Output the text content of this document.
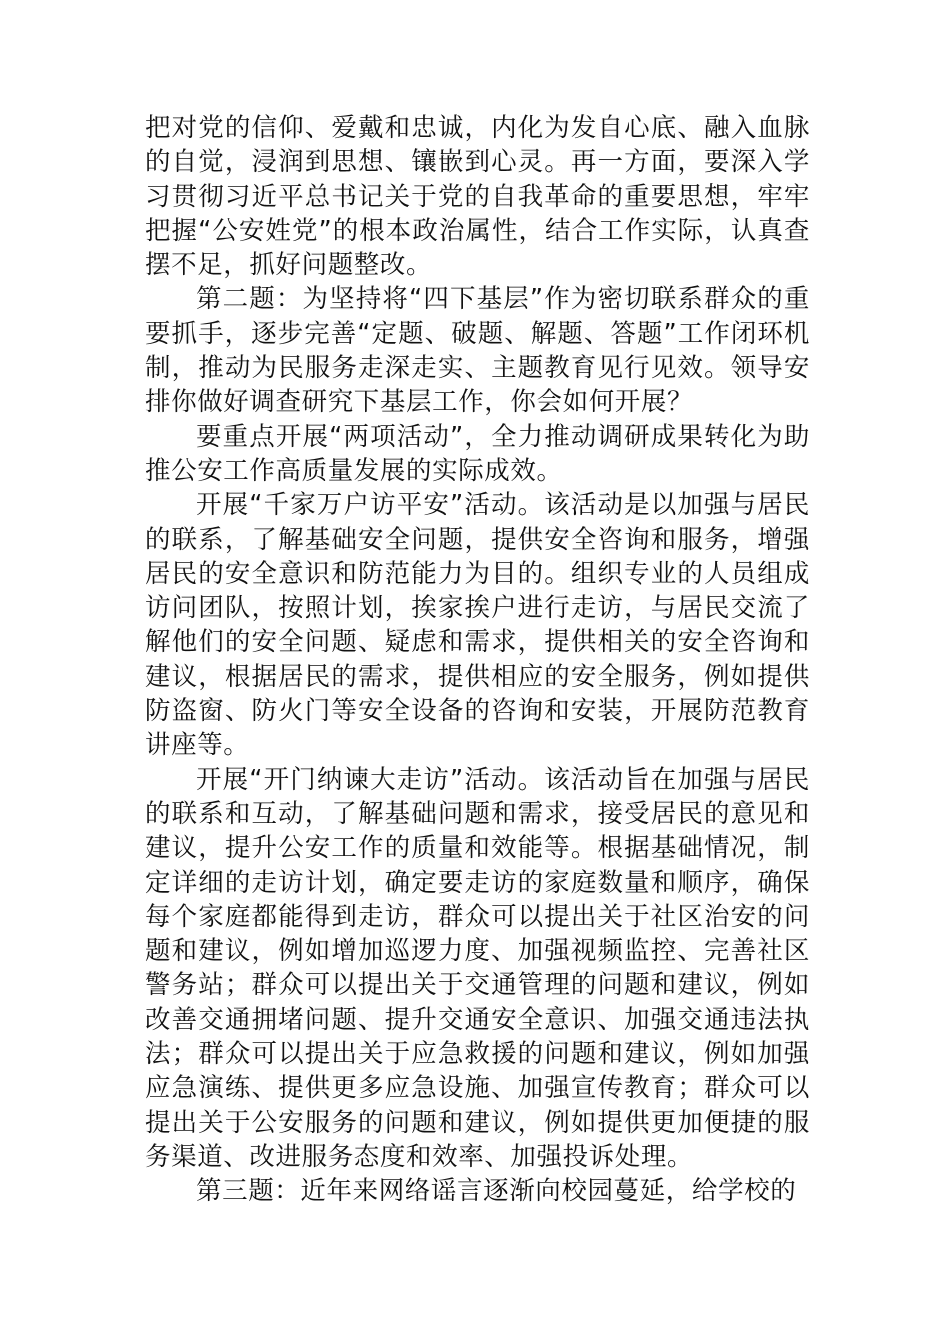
把对党的信仰、爱戴和忠诚，内化为发自心底、融入血脉的自觉，浸润到思想、镶嵌到心灵。再一方面，要深入学习贯彻习近平总书记关于党的自我革命的重要思想，牢牢把握“公安姓党”的根本政治属性，结合工作实际，认真查摆不足，抓好问题整改。

第二题：为坚持将“四下基层”作为密切联系群众的重要抓手，逐步完善“定题、破题、解题、答题”工作闭环机制，推动为民服务走深走实、主题教育见行见效。领导安排你做好调查研究下基层工作，你会如何开展？

要重点开展“两项活动”，全力推动调研成果转化为助推公安工作高质量发展的实际成效。

开展“千家万户访平安”活动。该活动是以加强与居民的联系，了解基础安全问题，提供安全咨询和服务，增强居民的安全意识和防范能力为目的。组织专业的人员组成访问团队，按照计划，挨家挨户进行走访，与居民交流了解他们的安全问题、疑虑和需求，提供相关的安全咨询和建议，根据居民的需求，提供相应的安全服务，例如提供防盗窗、防火门等安全设备的咨询和安装，开展防范教育讲座等。

开展“开门纳谏大走访”活动。该活动旨在加强与居民的联系和互动，了解基础问题和需求，接受居民的意见和建议，提升公安工作的质量和效能等。根据基础情况，制定详细的走访计划，确定要走访的家庭数量和顺序，确保每个家庭都能得到走访，群众可以提出关于社区治安的问题和建议，例如增加巡逻力度、加强视频监控、完善社区警务站；群众可以提出关于交通管理的问题和建议，例如改善交通拥堵问题、提升交通安全意识、加强交通违法执法；群众可以提出关于应急救援的问题和建议，例如加强应急演练、提供更多应急设施、加强宣传教育；群众可以提出关于公安服务的问题和建议，例如提供更加便捷的服务渠道、改进服务态度和效率、加强投诉处理。

第三题：近年来网络谣言逐渐向校园蔓延，给学校的
